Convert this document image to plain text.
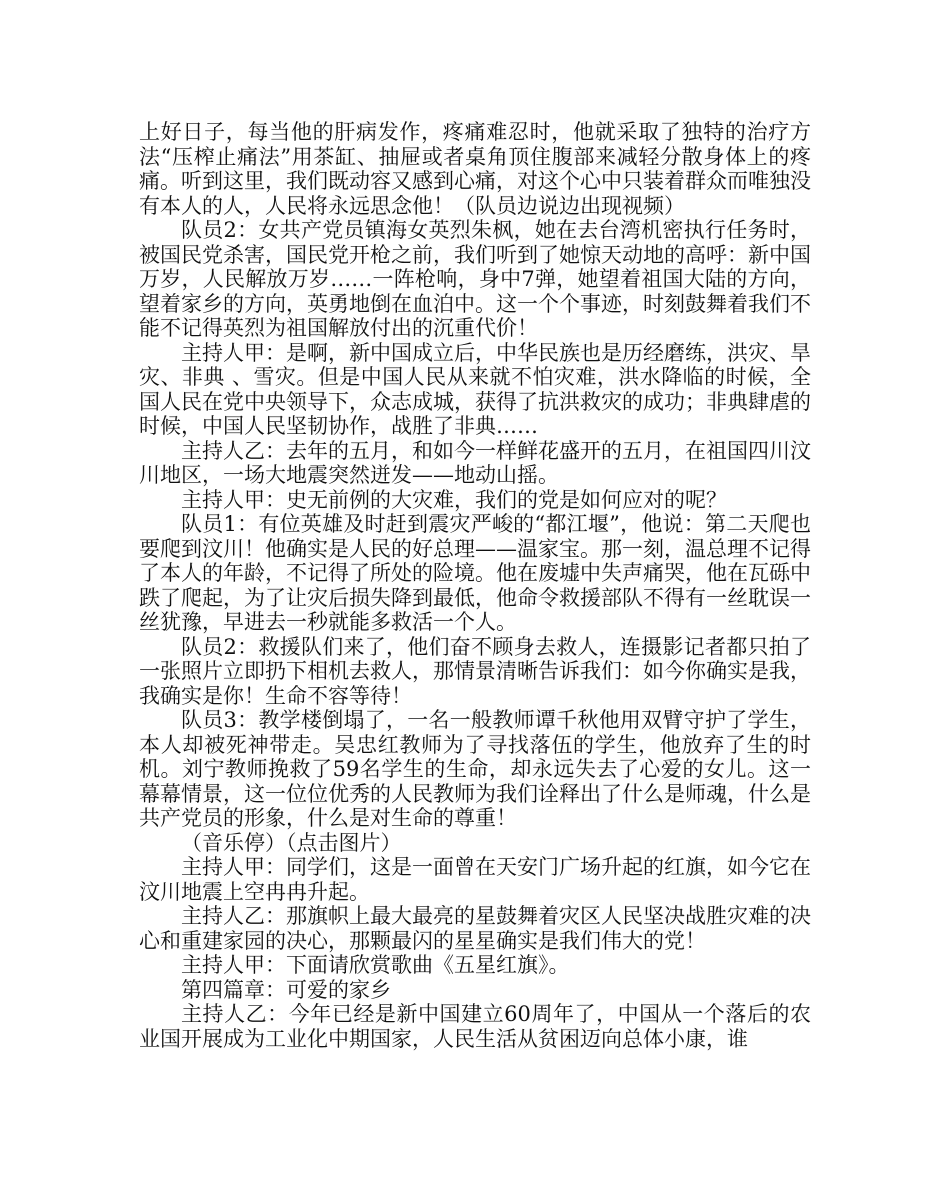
上好日子，每当他的肝病发作，疼痛难忍时，他就采取了独特的治疗方法“压榨止痛法”用茶缸、抽屉或者桌角顶住腹部来减轻分散身体上的疼痛。听到这里，我们既动容又感到心痛，对这个心中只装着群众而唯独没有本人的人，人民将永远思念他！（队员边说边出现视频）

队员2：女共产党员镇海女英烈朱枫，她在去台湾机密执行任务时，被国民党杀害，国民党开枪之前，我们听到了她惊天动地的高呼：新中国万岁，人民解放万岁……一阵枪响，身中7弹，她望着祖国大陆的方向，望着家乡的方向，英勇地倒在血泊中。这一个个事迹，时刻鼓舞着我们不能不记得英烈为祖国解放付出的沉重代价！

主持人甲：是啊，新中国成立后，中华民族也是历经磨练，洪灾、旱灾、非典 、雪灾。但是中国人民从来就不怕灾难，洪水降临的时候，全国人民在党中央领导下，众志成城，获得了抗洪救灾的成功；非典肆虐的时候，中国人民坚韧协作，战胜了非典……

主持人乙：去年的五月，和如今一样鲜花盛开的五月，在祖国四川汶川地区，一场大地震突然迸发——地动山摇。

主持人甲：史无前例的大灾难，我们的党是如何应对的呢？

队员1：有位英雄及时赶到震灾严峻的“都江堰”，他说：第二天爬也要爬到汶川！他确实是人民的好总理——温家宝。那一刻，温总理不记得了本人的年龄，不记得了所处的险境。他在废墟中失声痛哭，他在瓦砾中跌了爬起，为了让灾后损失降到最低，他命令救援部队不得有一丝耽误一丝犹豫，早进去一秒就能多救活一个人。

队员2：救援队们来了，他们奋不顾身去救人，连摄影记者都只拍了一张照片立即扔下相机去救人，那情景清晰告诉我们：如今你确实是我，我确实是你！生命不容等待！

队员3：教学楼倒塌了，一名一般教师谭千秋他用双臂守护了学生，本人却被死神带走。吴忠红教师为了寻找落伍的学生，他放弃了生的时机。刘宁教师挽救了59名学生的生命，却永远失去了心爱的女儿。这一幕幕情景，这一位位优秀的人民教师为我们诠释出了什么是师魂，什么是共产党员的形象，什么是对生命的尊重！

（音乐停）（点击图片）

主持人甲：同学们，这是一面曾在天安门广场升起的红旗，如今它在汶川地震上空冉冉升起。

主持人乙：那旗帜上最大最亮的星鼓舞着灾区人民坚决战胜灾难的决心和重建家园的决心，那颗最闪的星星确实是我们伟大的党！

主持人甲：下面请欣赏歌曲《五星红旗》。

第四篇章：可爱的家乡

主持人乙：今年已经是新中国建立60周年了，中国从一个落后的农业国开展成为工业化中期国家，人民生活从贫困迈向总体小康，谁
